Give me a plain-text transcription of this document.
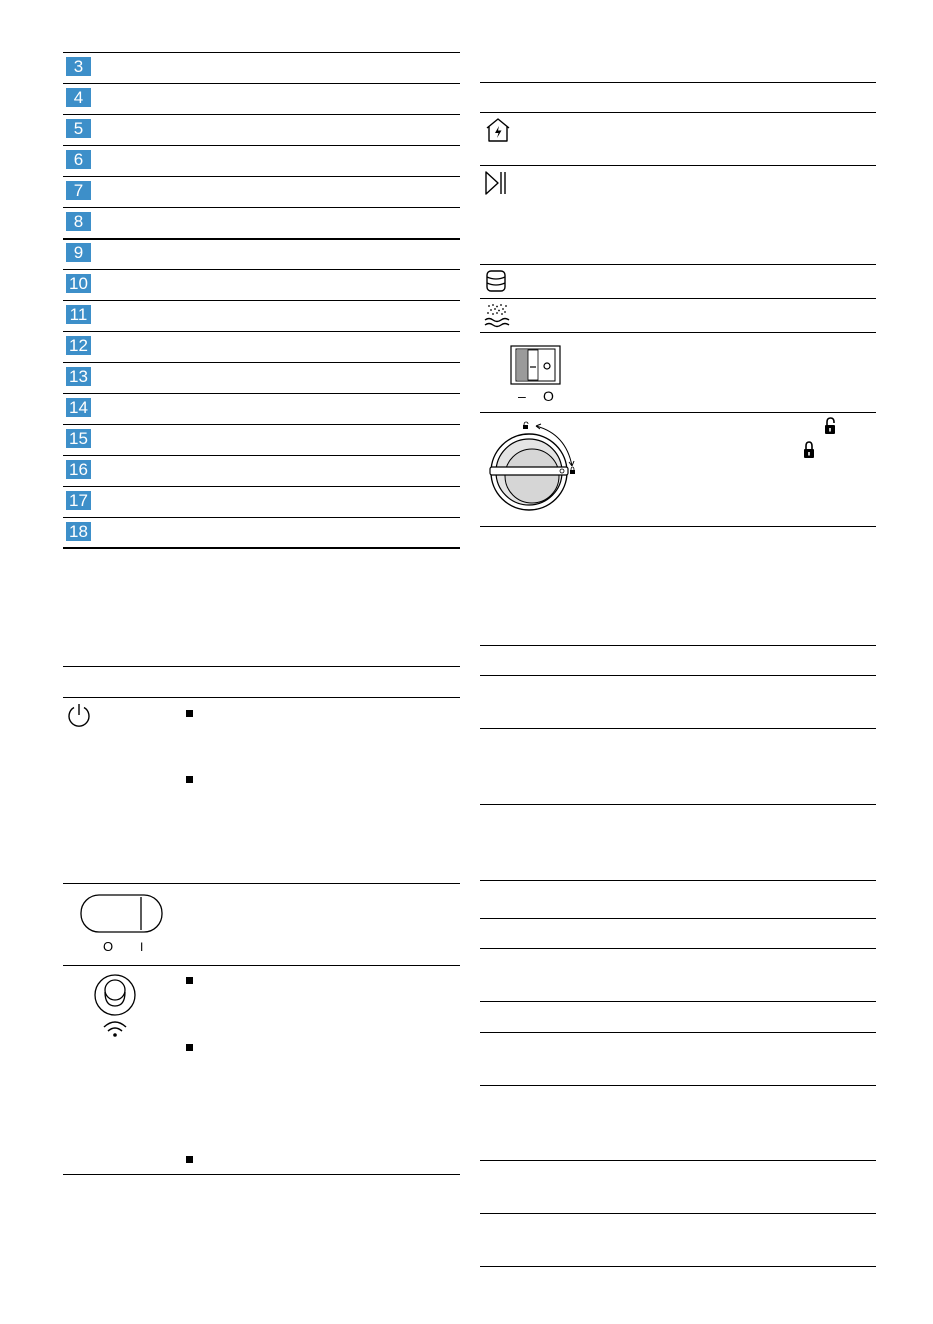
3
4
5
6
7
8
9
10
11
12
13
14
15
16
17
18
O I
– O
